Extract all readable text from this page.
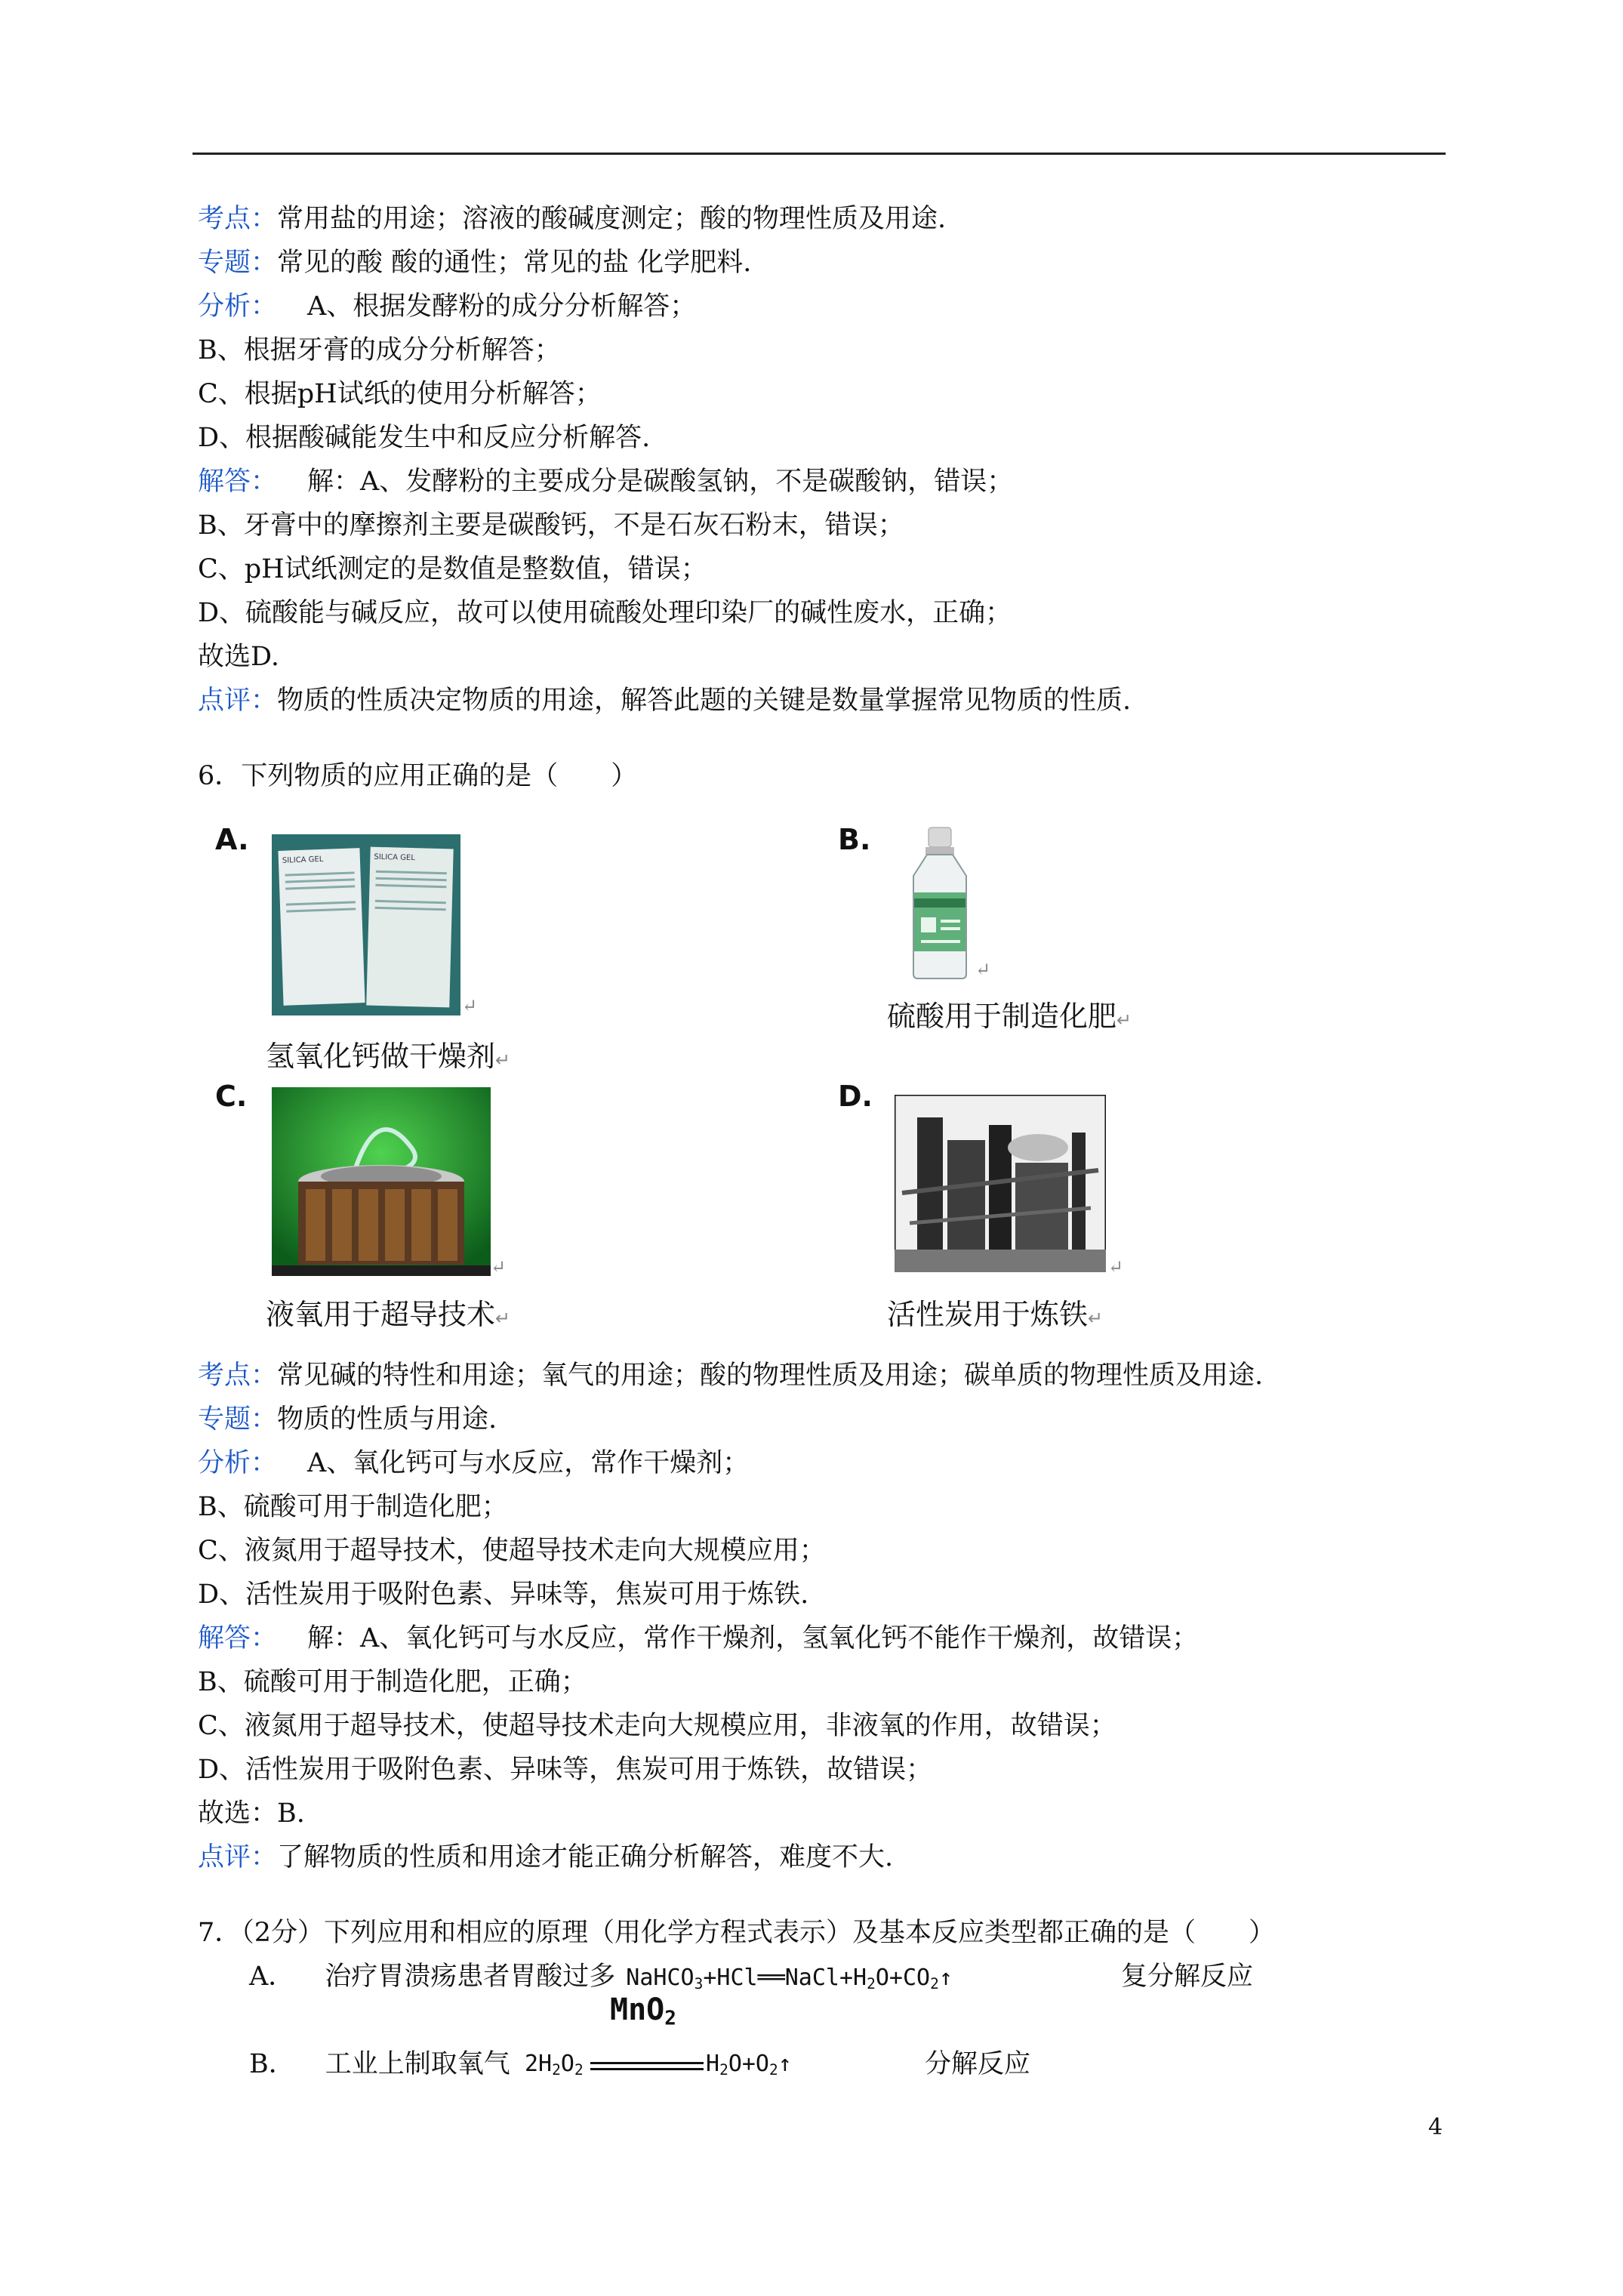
考点：常用盐的用途；溶液的酸碱度测定；酸的物理性质及用途.
专题：常见的酸 酸的通性；常见的盐 化学肥料.
分析： A、根据发酵粉的成分分析解答；
B、根据牙膏的成分分析解答；
C、根据pH试纸的使用分析解答；
D、根据酸碱能发生中和反应分析解答.
解答： 解：A、发酵粉的主要成分是碳酸氢钠，不是碳酸钠，错误；
B、牙膏中的摩擦剂主要是碳酸钙，不是石灰石粉末，错误；
C、pH试纸测定的是数值是整数值，错误；
D、硫酸能与碱反应，故可以使用硫酸处理印染厂的碱性废水，正确；
故选D.
点评：物质的性质决定物质的用途，解答此题的关键是数量掌握常见物质的性质.
6．下列物质的应用正确的是（　　）
A.
SILICA GEL	SILICA GEL
↵
氢氧化钙做干燥剂↵
B.
↵
硫酸用于制造化肥↵
C.
↵
液氧用于超导技术↵
D.
↵
活性炭用于炼铁↵
考点：常见碱的特性和用途；氧气的用途；酸的物理性质及用途；碳单质的物理性质及用途.
专题：物质的性质与用途.
分析： A、氧化钙可与水反应，常作干燥剂；
B、硫酸可用于制造化肥；
C、液氮用于超导技术，使超导技术走向大规模应用；
D、活性炭用于吸附色素、异味等，焦炭可用于炼铁.
解答： 解：A、氧化钙可与水反应，常作干燥剂，氢氧化钙不能作干燥剂，故错误；
B、硫酸可用于制造化肥，正确；
C、液氮用于超导技术，使超导技术走向大规模应用，非液氧的作用，故错误；
D、活性炭用于吸附色素、异味等，焦炭可用于炼铁，故错误；
故选：B.
点评：了解物质的性质和用途才能正确分析解答，难度不大.
7．（2分）下列应用和相应的原理（用化学方程式表示）及基本反应类型都正确的是（　　）
A． 治疗胃溃疡患者胃酸过多 $NaHCO_3+HCl══NaCl+H_2O+CO_2↑$	复分解反应
B． 工业上制取氧气 $2H_2O_2$
MnO$_2$
$H_2O+O_2↑$	分解反应
4
